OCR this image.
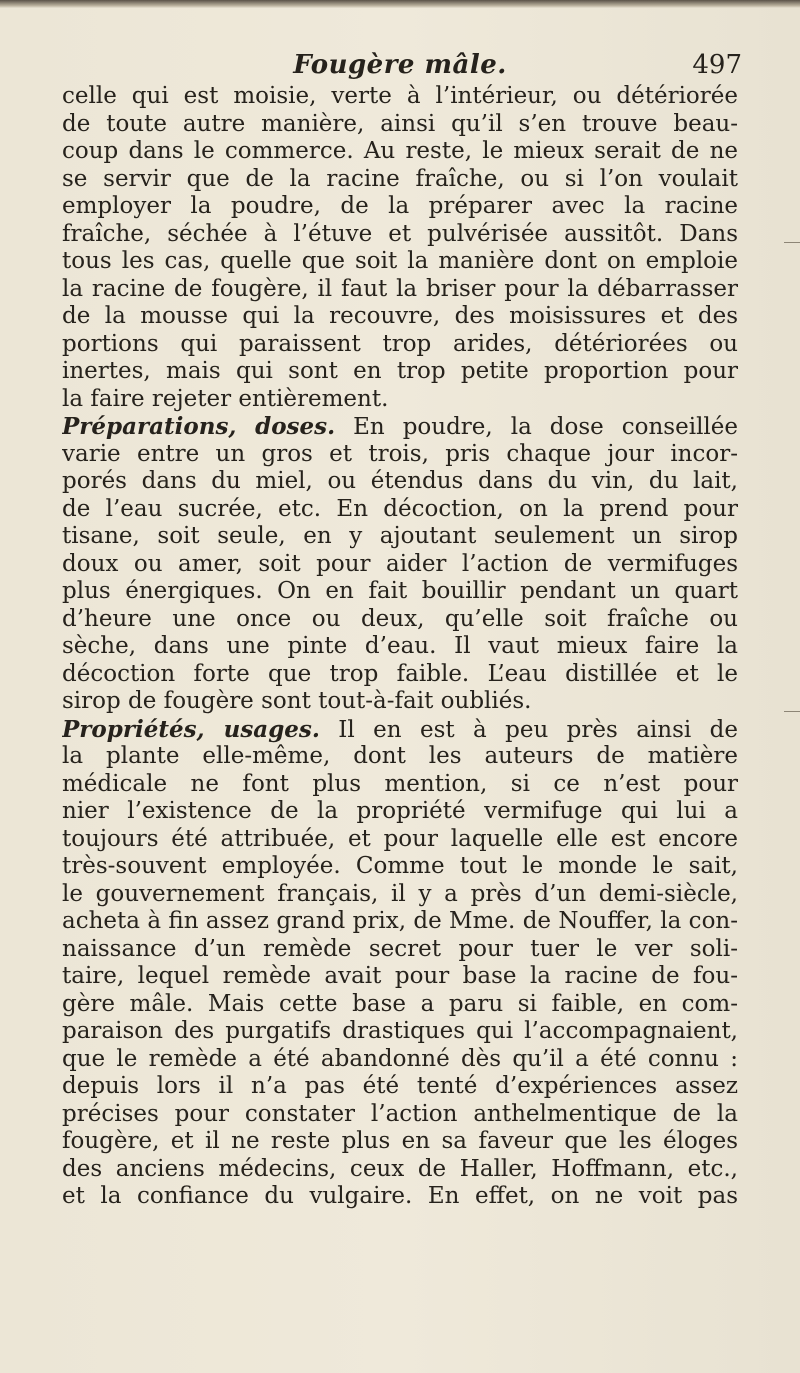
Fougère mâle.	497
celle qui est moisie, verte à l’intérieur, ou détériorée
de toute autre manière, ainsi qu’il s’en trouve beau-
coup dans le commerce. Au reste, le mieux serait de ne
se servir que de la racine fraîche, ou si l’on voulait
employer la poudre, de la préparer avec la racine
fraîche, séchée à l’étuve et pulvérisée aussitôt. Dans
tous les cas, quelle que soit la manière dont on emploie
la racine de fougère, il faut la briser pour la débarrasser
de la mousse qui la recouvre, des moisissures et des
portions qui paraissent trop arides, détériorées ou
inertes, mais qui sont en trop petite proportion pour
la faire rejeter entièrement.
Préparations, doses. En poudre, la dose conseillée
varie entre un gros et trois, pris chaque jour incor-
porés dans du miel, ou étendus dans du vin, du lait,
de l’eau sucrée, etc. En décoction, on la prend pour
tisane, soit seule, en y ajoutant seulement un sirop
doux ou amer, soit pour aider l’action de vermifuges
plus énergiques. On en fait bouillir pendant un quart
d’heure une once ou deux, qu’elle soit fraîche ou
sèche, dans une pinte d’eau. Il vaut mieux faire la
décoction forte que trop faible. L’eau distillée et le
sirop de fougère sont tout-à-fait oubliés.
Propriétés, usages. Il en est à peu près ainsi de
la plante elle-même, dont les auteurs de matière
médicale ne font plus mention, si ce n’est pour
nier l’existence de la propriété vermifuge qui lui a
toujours été attribuée, et pour laquelle elle est encore
très-souvent employée. Comme tout le monde le sait,
le gouvernement français, il y a près d’un demi-siècle,
acheta à fin assez grand prix, de Mme. de Nouffer, la con-
naissance d’un remède secret pour tuer le ver soli-
taire, lequel remède avait pour base la racine de fou-
gère mâle. Mais cette base a paru si faible, en com-
paraison des purgatifs drastiques qui l’accompagnaient,
que le remède a été abandonné dès qu’il a été connu :
depuis lors il n’a pas été tenté d’expériences assez
précises pour constater l’action anthelmentique de la
fougère, et il ne reste plus en sa faveur que les éloges
des anciens médecins, ceux de Haller, Hoffmann, etc.,
et la confiance du vulgaire. En effet, on ne voit pas
